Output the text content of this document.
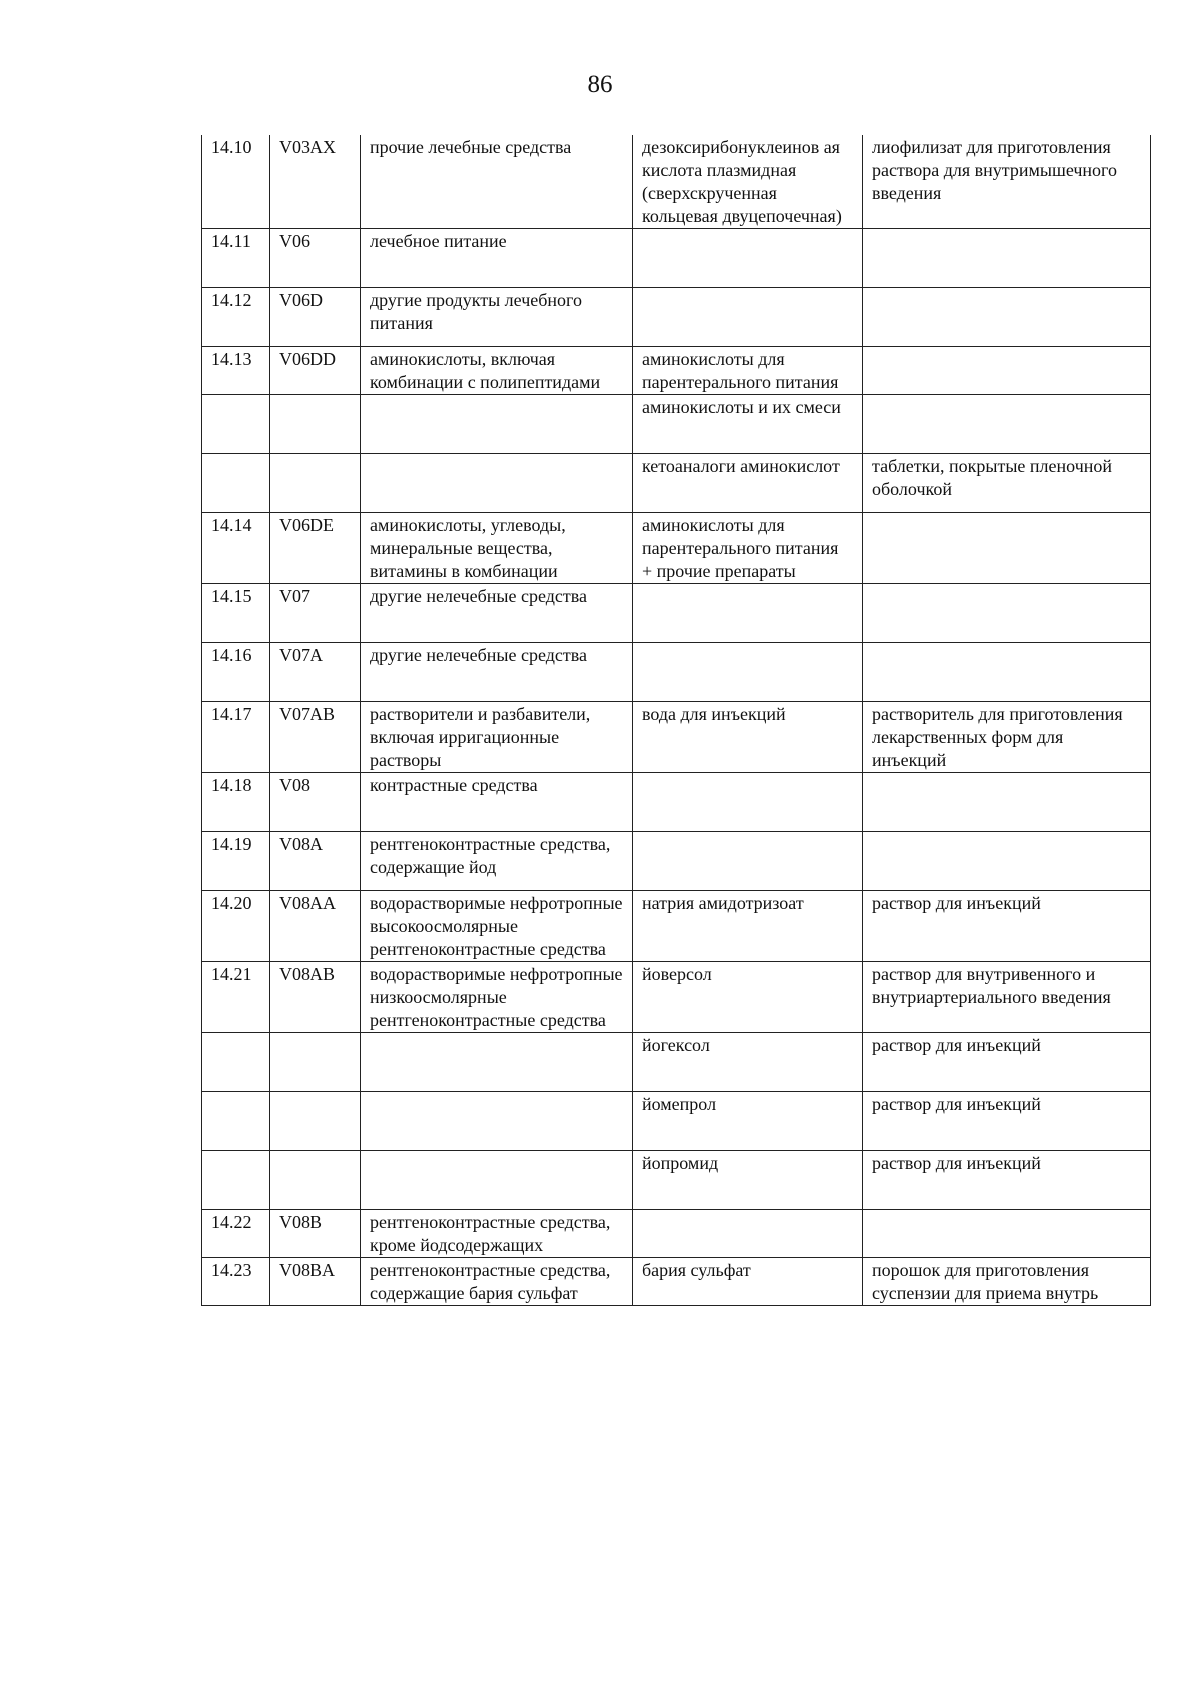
86
14.10	V03AX	прочие лечебные средства	дезоксирибонуклеинов ая кислота плазмидная (сверхскрученная кольцевая двуцепочечная)	лиофилизат для приготовления раствора для внутримышечного введения
14.11	V06	лечебное питание		
14.12	V06D	другие продукты лечебного питания		
14.13	V06DD	аминокислоты, включая комбинации с полипептидами	аминокислоты для парентерального питания	
			аминокислоты и их смеси	
			кетоаналоги аминокислот	таблетки, покрытые пленочной оболочкой
14.14	V06DE	аминокислоты, углеводы, минеральные вещества, витамины в комбинации	аминокислоты для парентерального питания + прочие препараты	
14.15	V07	другие нелечебные средства		
14.16	V07A	другие нелечебные средства		
14.17	V07AB	растворители и разбавители, включая ирригационные растворы	вода для инъекций	растворитель для приготовления лекарственных форм для инъекций
14.18	V08	контрастные средства		
14.19	V08A	рентгеноконтрастные средства, содержащие йод		
14.20	V08AA	водорастворимые нефротропные высокоосмолярные рентгеноконтрастные средства	натрия амидотризоат	раствор для инъекций
14.21	V08AB	водорастворимые нефротропные низкоосмолярные рентгеноконтрастные средства	йоверсол	раствор для внутривенного и внутриартериального введения
			йогексол	раствор для инъекций
			йомепрол	раствор для инъекций
			йопромид	раствор для инъекций
14.22	V08B	рентгеноконтрастные средства, кроме йодсодержащих		
14.23	V08BA	рентгеноконтрастные средства, содержащие бария сульфат	бария сульфат	порошок для приготовления суспензии для приема внутрь
